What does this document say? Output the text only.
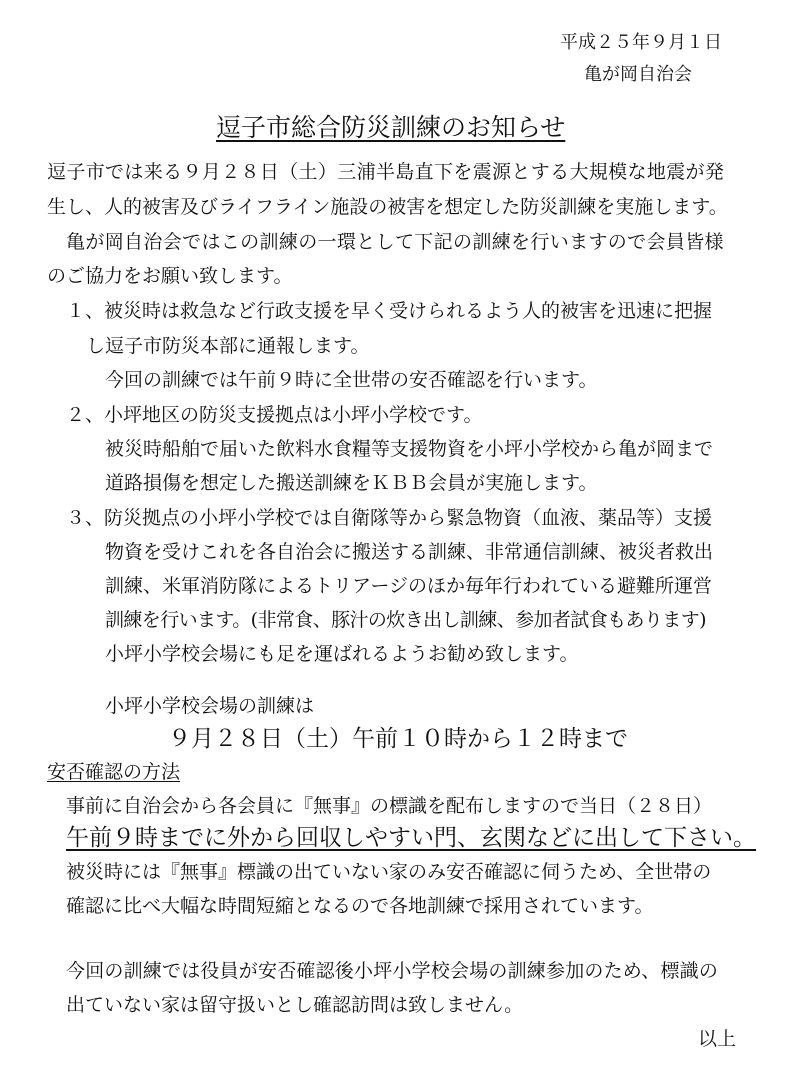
平成２５年９月１日
亀が岡自治会
逗子市総合防災訓練のお知らせ
逗子市では来る９月２８日（土）三浦半島直下を震源とする大規模な地震が発
生し、人的被害及びライフライン施設の被害を想定した防災訓練を実施します。
亀が岡自治会ではこの訓練の一環として下記の訓練を行いますので会員皆様
のご協力をお願い致します。
１、被災時は救急など行政支援を早く受けられるよう人的被害を迅速に把握
し逗子市防災本部に通報します。
今回の訓練では午前９時に全世帯の安否確認を行います。
２、小坪地区の防災支援拠点は小坪小学校です。
被災時船舶で届いた飲料水食糧等支援物資を小坪小学校から亀が岡まで
道路損傷を想定した搬送訓練をＫＢＢ会員が実施します。
３、防災拠点の小坪小学校では自衛隊等から緊急物資（血液、薬品等）支援
物資を受けこれを各自治会に搬送する訓練、非常通信訓練、被災者救出
訓練、米軍消防隊によるトリアージのほか毎年行われている避難所運営
訓練を行います。(非常食、豚汁の炊き出し訓練、参加者試食もあります)
小坪小学校会場にも足を運ばれるようお勧め致します。
小坪小学校会場の訓練は
９月２８日（土）午前１０時から１２時まで
安否確認の方法
事前に自治会から各会員に『無事』の標識を配布しますので当日（２８日）
午前９時までに外から回収しやすい門、玄関などに出して下さい。
被災時には『無事』標識の出ていない家のみ安否確認に伺うため、全世帯の
確認に比べ大幅な時間短縮となるので各地訓練で採用されています。
今回の訓練では役員が安否確認後小坪小学校会場の訓練参加のため、標識の
出ていない家は留守扱いとし確認訪問は致しません。
以上
